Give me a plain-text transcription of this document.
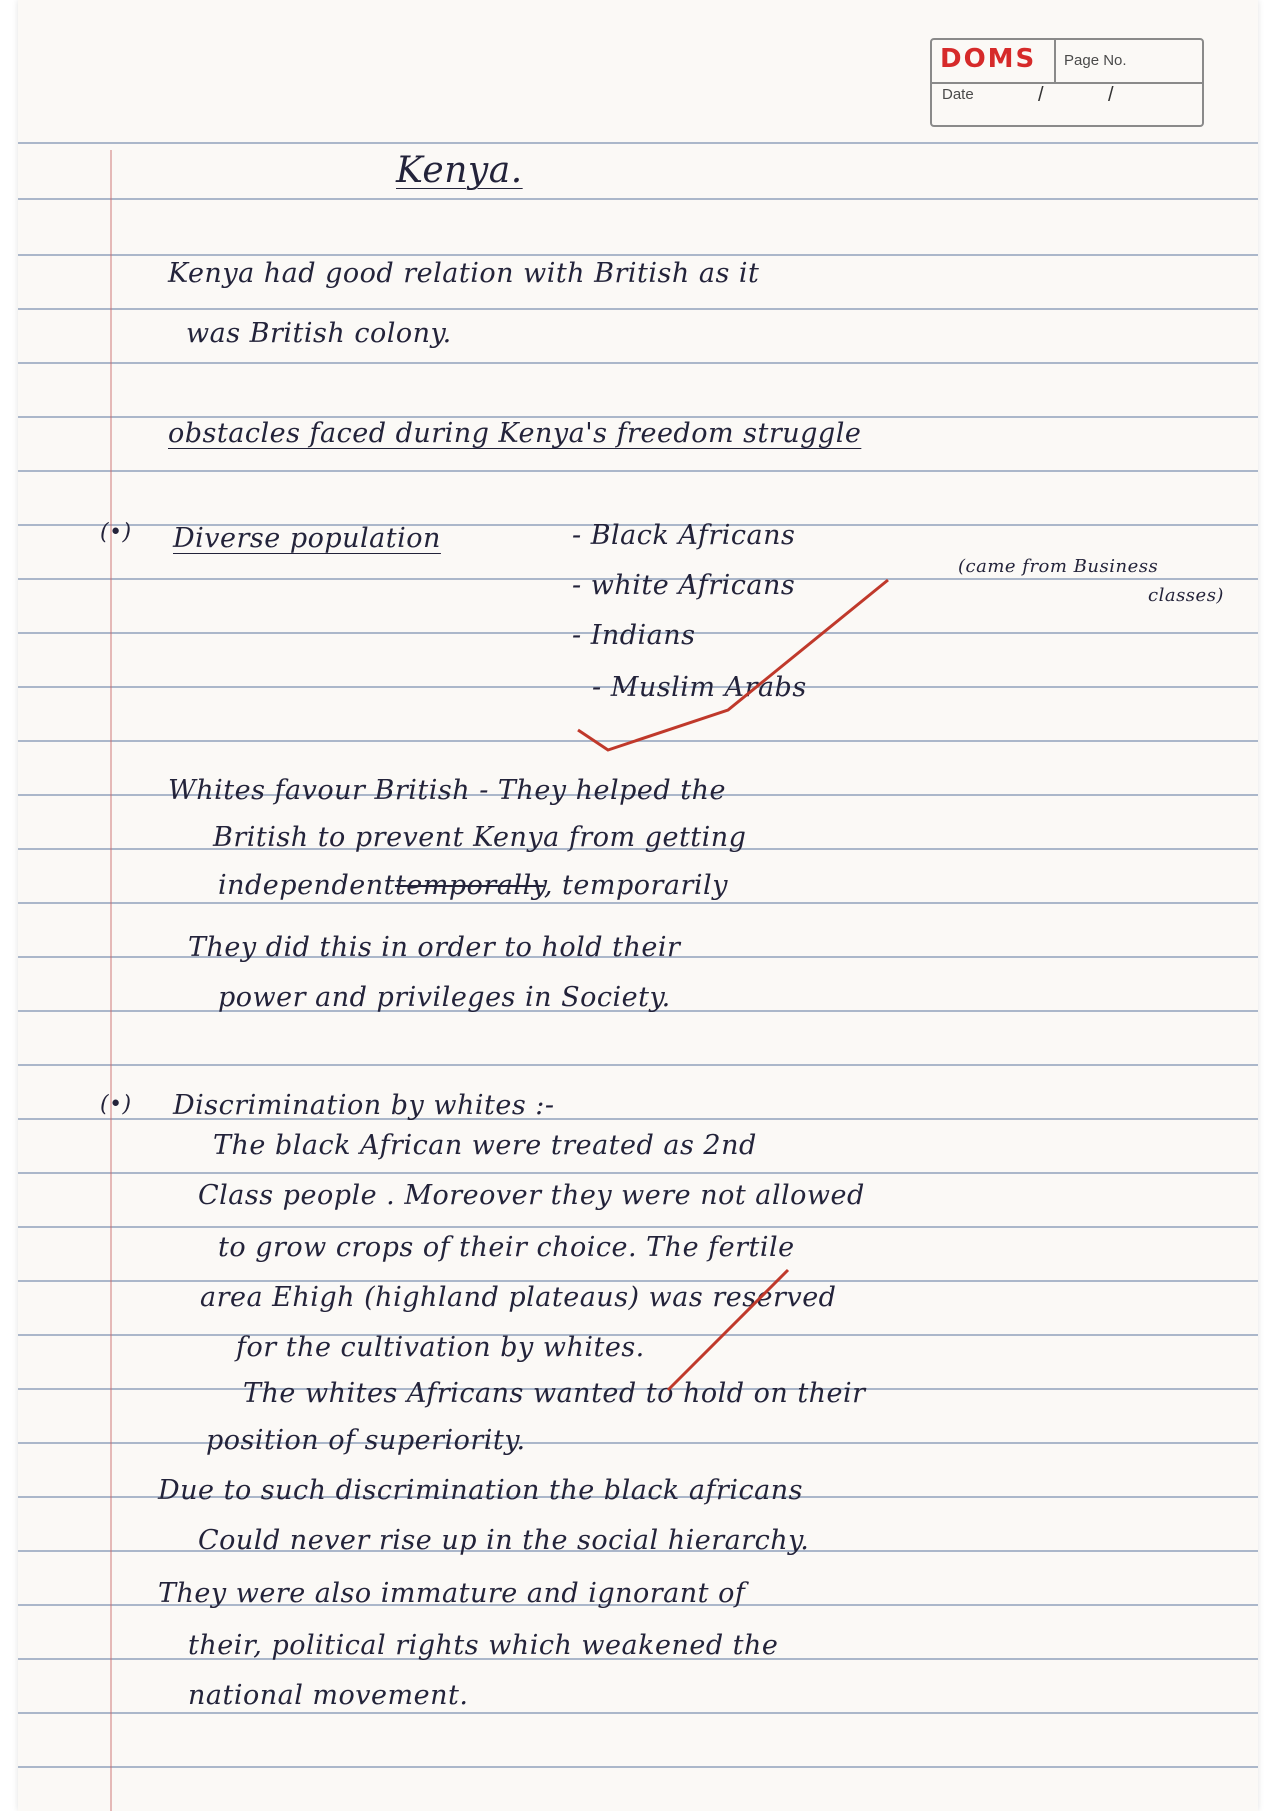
DOMS Page No.
Date	/	/

Kenya.

Kenya had good relation with British as it

was British colony.

obstacles faced during Kenya's freedom struggle

(•) Diverse population	- Black Africans

- white Africans

- Indians

- Muslim Arabs

(came from Business

classes)

Whites favour British - They helped the

British to prevent Kenya from getting

independenttemporally, temporarily

They did this in order to hold their

power and privileges in Society.

(•) Discrimination by whites :-

The black African were treated as 2nd

Class people . Moreover they were not allowed

to grow crops of their choice. The fertile

area Ehigh (highland plateaus) was reserved

for the cultivation by whites.

The whites Africans wanted to hold on their

position of superiority.

Due to such discrimination the black africans

Could never rise up in the social hierarchy.

They were also immature and ignorant of

their, political rights which weakened the

national movement.
